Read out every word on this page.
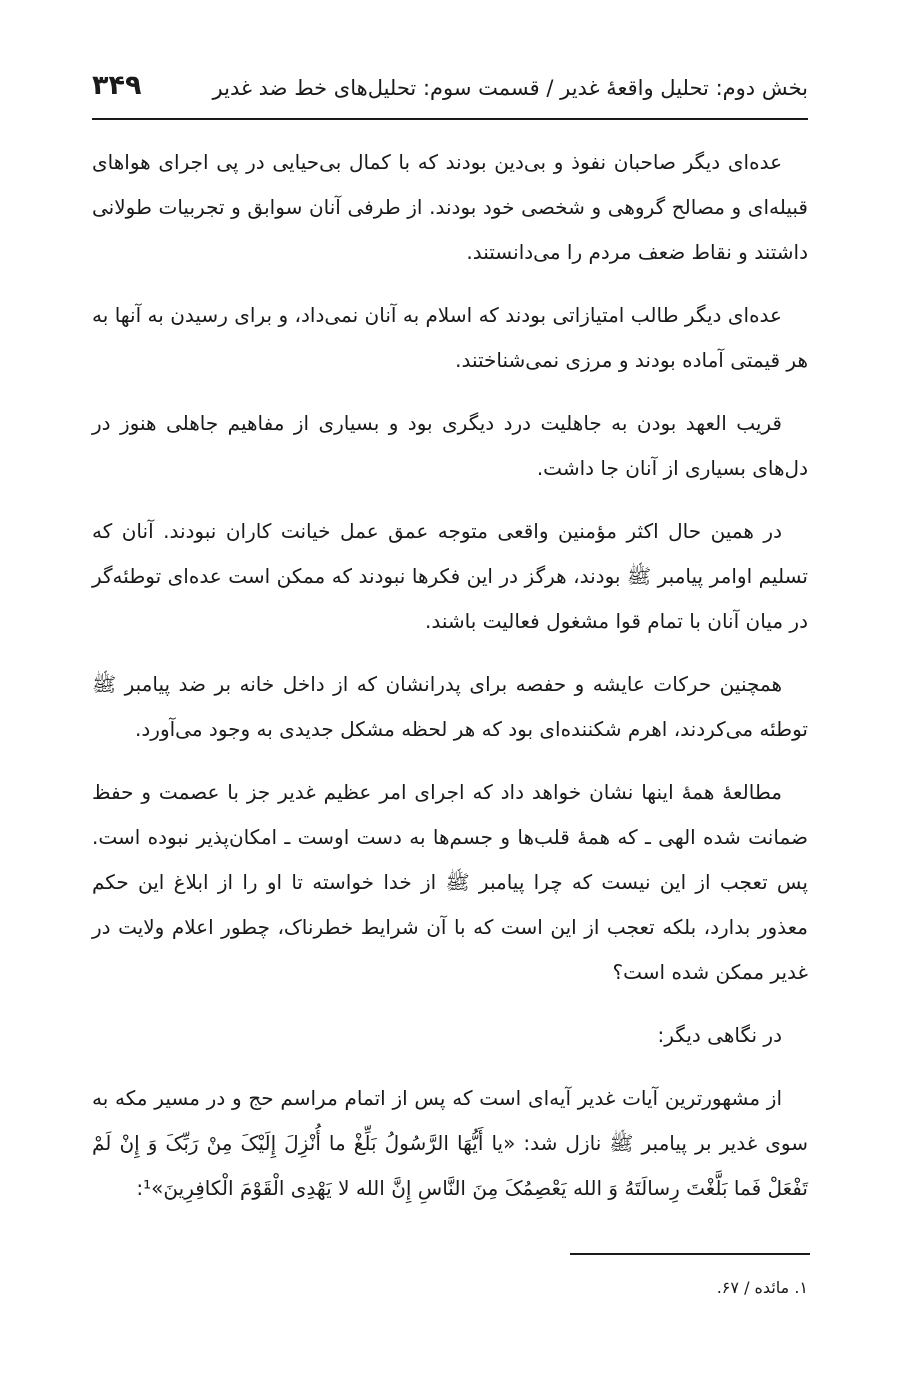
بخش دوم: تحلیل واقعهٔ غدیر / قسمت سوم: تحلیل‌های خط ضد غدیر
۳۴۹

عده‌ای دیگر صاحبان نفوذ و بی‌دین بودند که با کمال بی‌حیایی در پی اجرای هواهای قبیله‌ای و مصالح گروهی و شخصی خود بودند. از طرفی آنان سوابق و تجربیات طولانی داشتند و نقاط ضعف مردم را می‌دانستند.

عده‌ای دیگر طالب امتیازاتی بودند که اسلام به آنان نمی‌داد، و برای رسیدن به آنها به هر قیمتی آماده بودند و مرزی نمی‌شناختند.

قریب العهد بودن به جاهلیت درد دیگری بود و بسیاری از مفاهیم جاهلی هنوز در دل‌های بسیاری از آنان جا داشت.

در همین حال اکثر مؤمنین واقعی متوجه عمق عمل خیانت کاران نبودند. آنان که تسلیم اوامر پیامبر ﷺ بودند، هرگز در این فکرها نبودند که ممکن است عده‌ای توطئه‌گر در میان آنان با تمام قوا مشغول فعالیت باشند.

همچنین حرکات عایشه و حفصه برای پدرانشان که از داخل خانه بر ضد پیامبر ﷺ توطئه می‌کردند، اهرم شکننده‌ای بود که هر لحظه مشکل جدیدی به وجود می‌آورد.

مطالعهٔ همهٔ اینها نشان خواهد داد که اجرای امر عظیم غدیر جز با عصمت و حفظ ضمانت شده الهی ـ که همهٔ قلب‌ها و جسم‌ها به دست اوست ـ امکان‌پذیر نبوده است. پس تعجب از این نیست که چرا پیامبر ﷺ از خدا خواسته تا او را از ابلاغ این حکم معذور بدارد، بلکه تعجب از این است که با آن شرایط خطرناک، چطور اعلام ولایت در غدیر ممکن شده است؟

در نگاهی دیگر:

از مشهورترین آیات غدیر آیه‌ای است که پس از اتمام مراسم حج و در مسیر مکه به سوی غدیر بر پیامبر ﷺ نازل شد: «یا أَیُّهَا الرَّسُولُ بَلِّغْ ما أُنْزِلَ إِلَیْکَ مِنْ رَبِّکَ وَ إِنْ لَمْ تَفْعَلْ فَما بَلَّغْتَ رِسالَتَهُ وَ الله یَعْصِمُکَ مِنَ النَّاسِ إِنَّ الله لا یَهْدِی الْقَوْمَ الْکافِرِینَ»¹:

۱. مائده / ۶۷.
